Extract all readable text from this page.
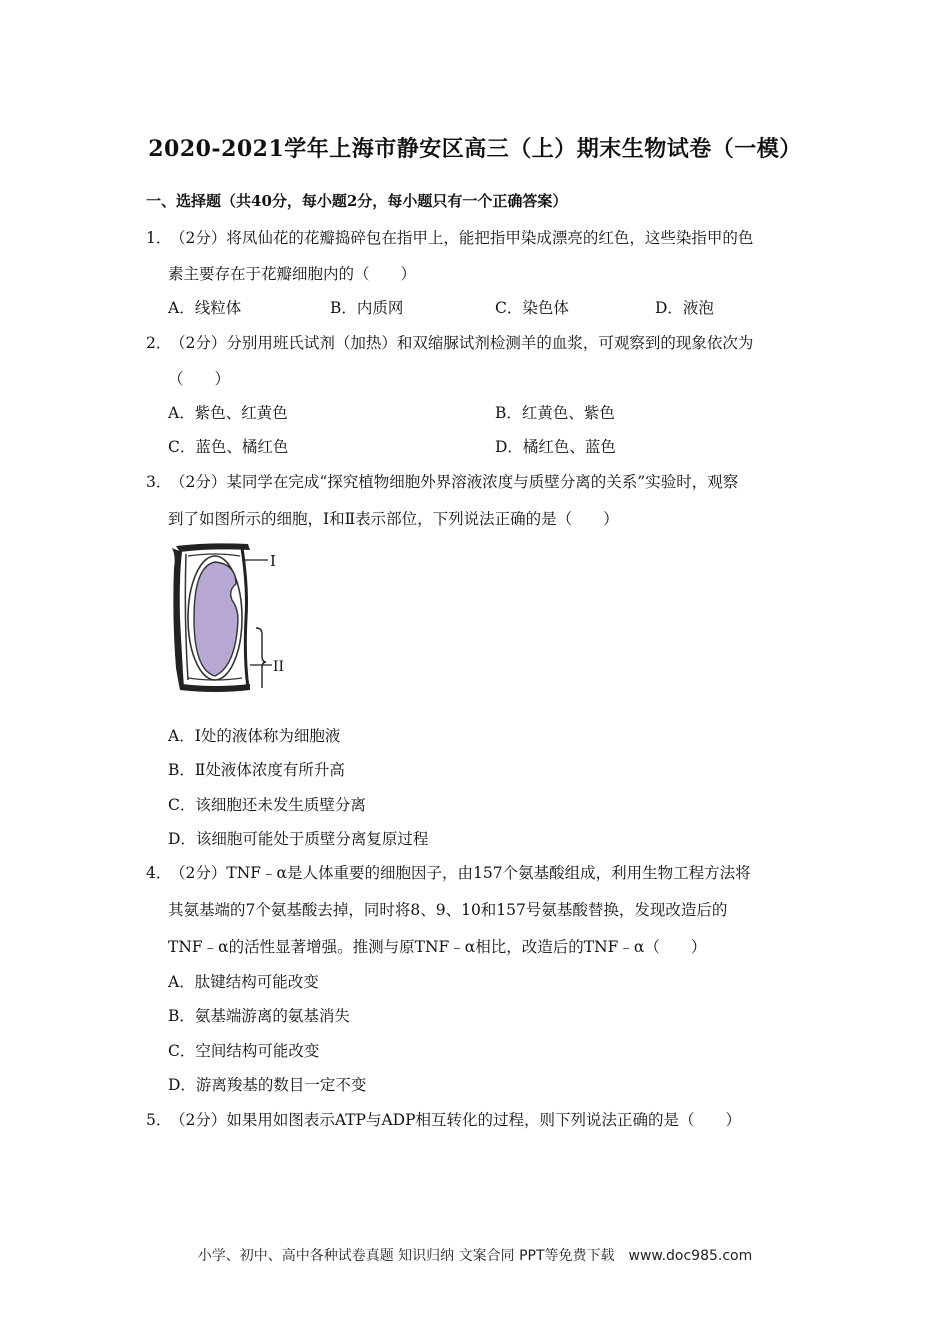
2020-2021学年上海市静安区高三（上）期末生物试卷（一模）
一、选择题（共40分，每小题2分，每小题只有一个正确答案）
1．
（2分）将凤仙花的花瓣捣碎包在指甲上，能把指甲染成漂亮的红色，这些染指甲的色
素主要存在于花瓣细胞内的（　　）
A．线粒体	B．内质网	C．染色体	D．液泡
2．
（2分）分别用班氏试剂（加热）和双缩脲试剂检测羊的血浆，可观察到的现象依次为
（　　）
A．紫色、红黄色	B．红黄色、紫色
C．蓝色、橘红色	D．橘红色、蓝色
3．
（2分）某同学在完成“探究植物细胞外界溶液浓度与质壁分离的关系”实验时，观察
到了如图所示的细胞，Ⅰ和Ⅱ表示部位，下列说法正确的是（　　）
I
II
A．Ⅰ处的液体称为细胞液
B．Ⅱ处液体浓度有所升高
C．该细胞还未发生质壁分离
D．该细胞可能处于质壁分离复原过程
4．
（2分）TNF﹣α是人体重要的细胞因子，由157个氨基酸组成，利用生物工程方法将
其氨基端的7个氨基酸去掉，同时将8、9、10和157号氨基酸替换，发现改造后的
TNF﹣α的活性显著增强。推测与原TNF﹣α相比，改造后的TNF﹣α（　　）
A．肽键结构可能改变
B．氨基端游离的氨基消失
C．空间结构可能改变
D．游离羧基的数目一定不变
5．
（2分）如果用如图表示ATP与ADP相互转化的过程，则下列说法正确的是（　　）
小学、初中、高中各种试卷真题 知识归纳 文案合同 PPT等免费下载　www.doc985.com
